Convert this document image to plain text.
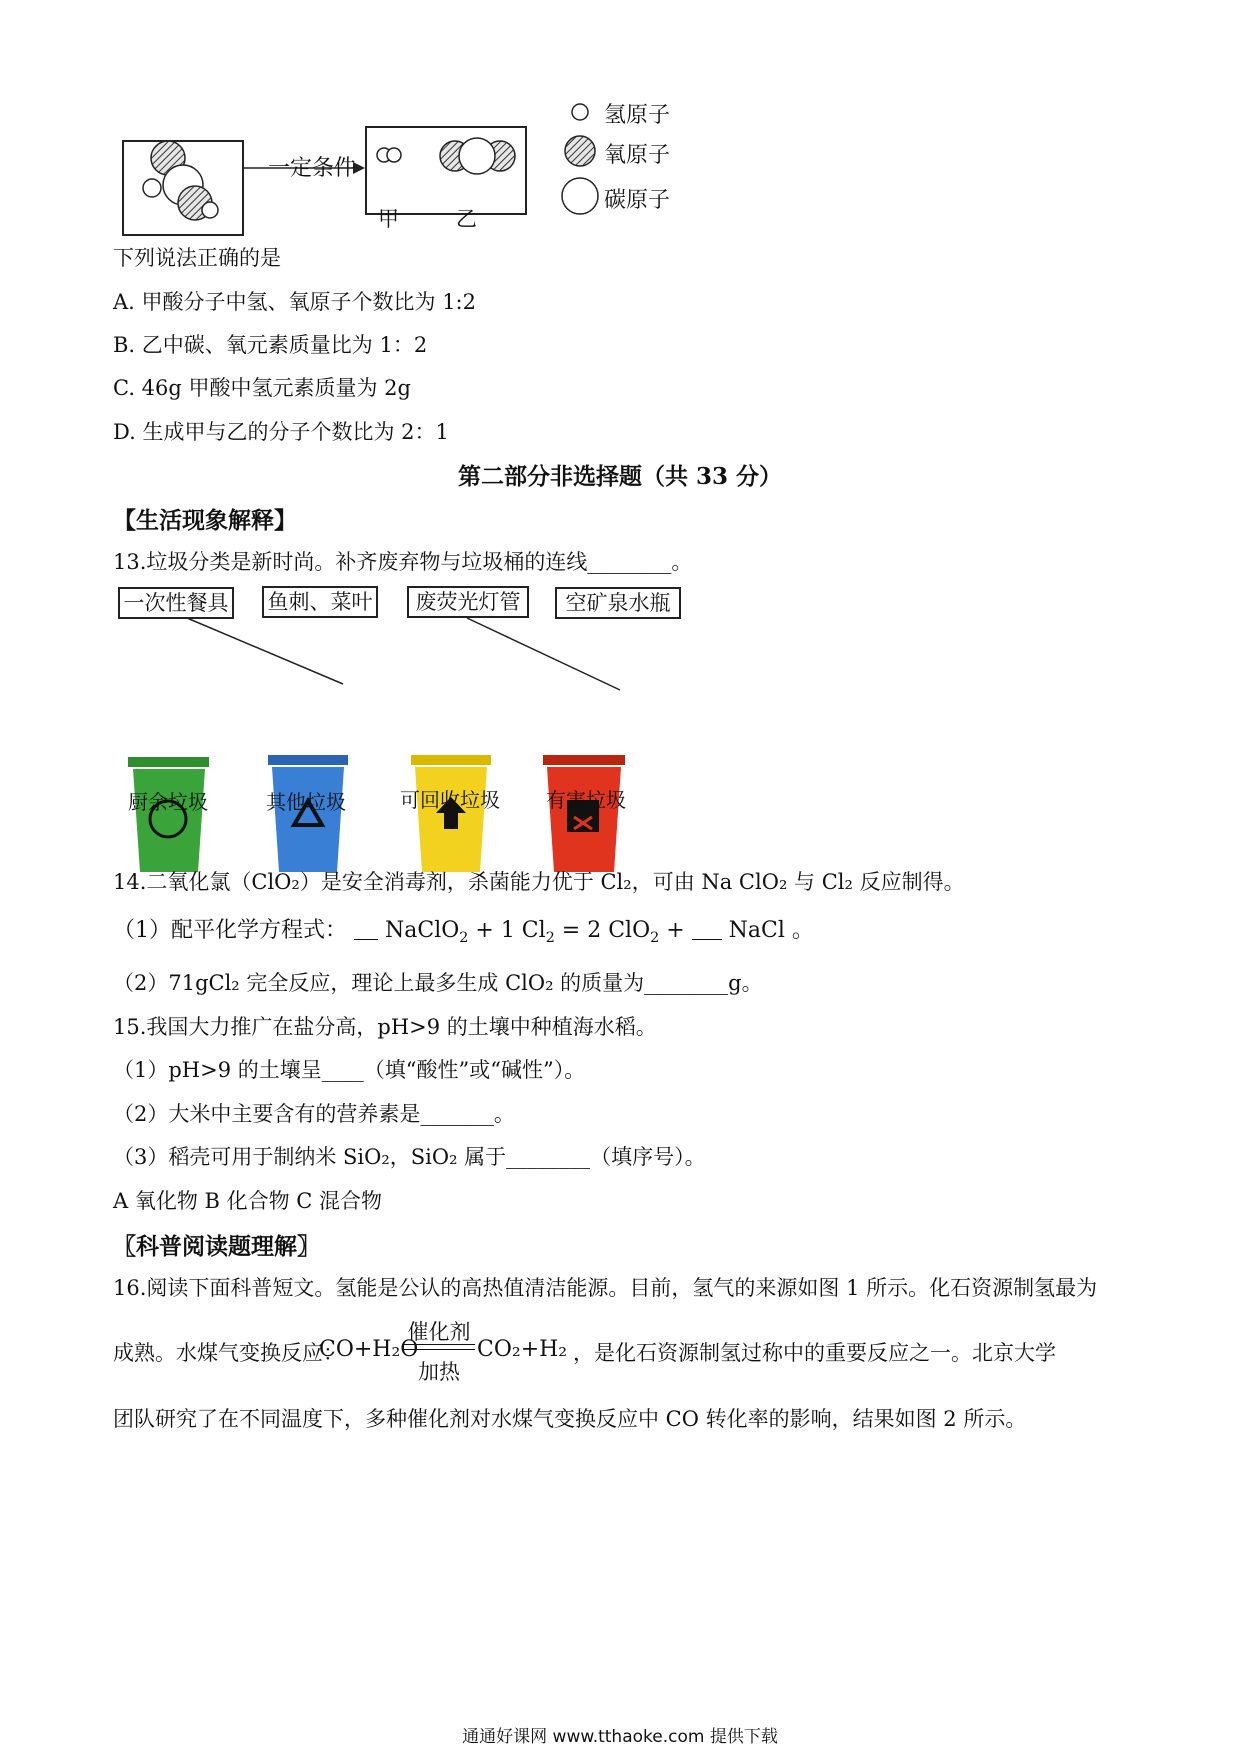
一定条件
甲	乙
氢原子
氧原子
碳原子
下列说法正确的是
A. 甲酸分子中氢、氧原子个数比为 1:2
B. 乙中碳、氧元素质量比为 1：2
C. 46g 甲酸中氢元素质量为 2g
D. 生成甲与乙的分子个数比为 2：1
第二部分非选择题（共 33 分）
【生活现象解释】
13.垃圾分类是新时尚。补齐废弃物与垃圾桶的连线________。
一次性餐具 鱼刺、菜叶	废荧光灯管	空矿泉水瓶
厨余垃圾	其他垃圾	可回收垃圾	有害垃圾
14.二氧化氯（ClO₂）是安全消毒剂，杀菌能力优于 Cl₂，可由 Na ClO₂ 与 Cl₂ 反应制得。
（1）配平化学方程式： NaClO$_2$ + 1 $Cl_2 = 2$ ClO$_2$ + NaCl 。
（2）71gCl₂ 完全反应，理论上最多生成 ClO₂ 的质量为________g。
15.我国大力推广在盐分高，pH>9 的土壤中种植海水稻。
（1）pH>9 的土壤呈____（填“酸性”或“碱性”）。
（2）大米中主要含有的营养素是_______。
（3）稻壳可用于制纳米 SiO₂，SiO₂ 属于________（填序号）。
A 氧化物 B 化合物 C 混合物
〖科普阅读题理解〗
16.阅读下面科普短文。氢能是公认的高热值清洁能源。目前，氢气的来源如图 1 所示。化石资源制氢最为
成熟。水煤气变换反应：
CO+H₂O
催化剂
加热
CO₂+H₂ ，是化石资源制氢过称中的重要反应之一。北京大学
团队研究了在不同温度下，多种催化剂对水煤气变换反应中 CO 转化率的影响，结果如图 2 所示。
通通好课网 www.tthaoke.com 提供下载
